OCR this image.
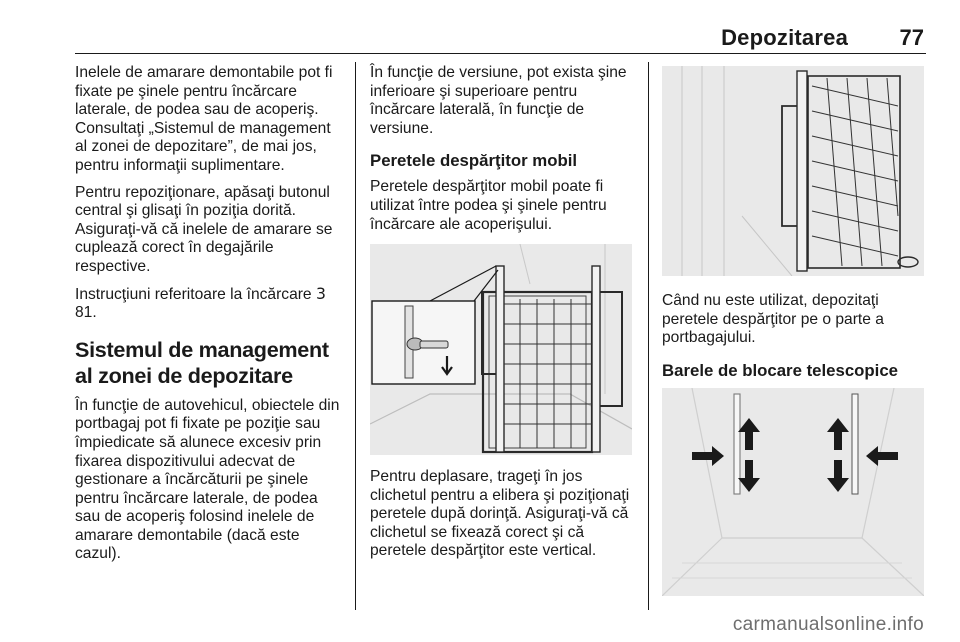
Depozitarea 77

Inelele de amarare demontabile pot fi fixate pe şinele pentru încărcare laterale, de podea sau de acoperiş. Consultaţi „Sistemul de management al zonei de depozitare”, de mai jos, pentru informaţii suplimentare.

Pentru repoziţionare, apăsaţi butonul central şi glisaţi în poziţia dorită. Asiguraţi-vă că inelele de amarare se cuplează corect în degajările respective.

Instrucţiuni referitoare la încărcare 3 81.

Sistemul de management al zonei de depozitare

În funcţie de autovehicul, obiectele din portbagaj pot fi fixate pe poziţie sau împiedicate să alunece excesiv prin fixarea dispozitivului adecvat de gestionare a încărcăturii pe şinele pentru încărcare laterale, de podea sau de acoperiş folosind inelele de amarare demontabile (dacă este cazul).

În funcţie de versiune, pot exista şine inferioare şi superioare pentru încărcare laterală, în funcţie de versiune.

Peretele despărţitor mobil

Peretele despărţitor mobil poate fi utilizat între podea şi şinele pentru încărcare ale acoperişului.

Pentru deplasare, trageţi în jos clichetul pentru a elibera şi poziţionaţi peretele după dorinţă. Asiguraţi-vă că clichetul se fixează corect şi că peretele despărţitor este vertical.

Când nu este utilizat, depozitaţi peretele despărţitor pe o parte a portbagajului.

Barele de blocare telescopice
carmanualsonline.info
